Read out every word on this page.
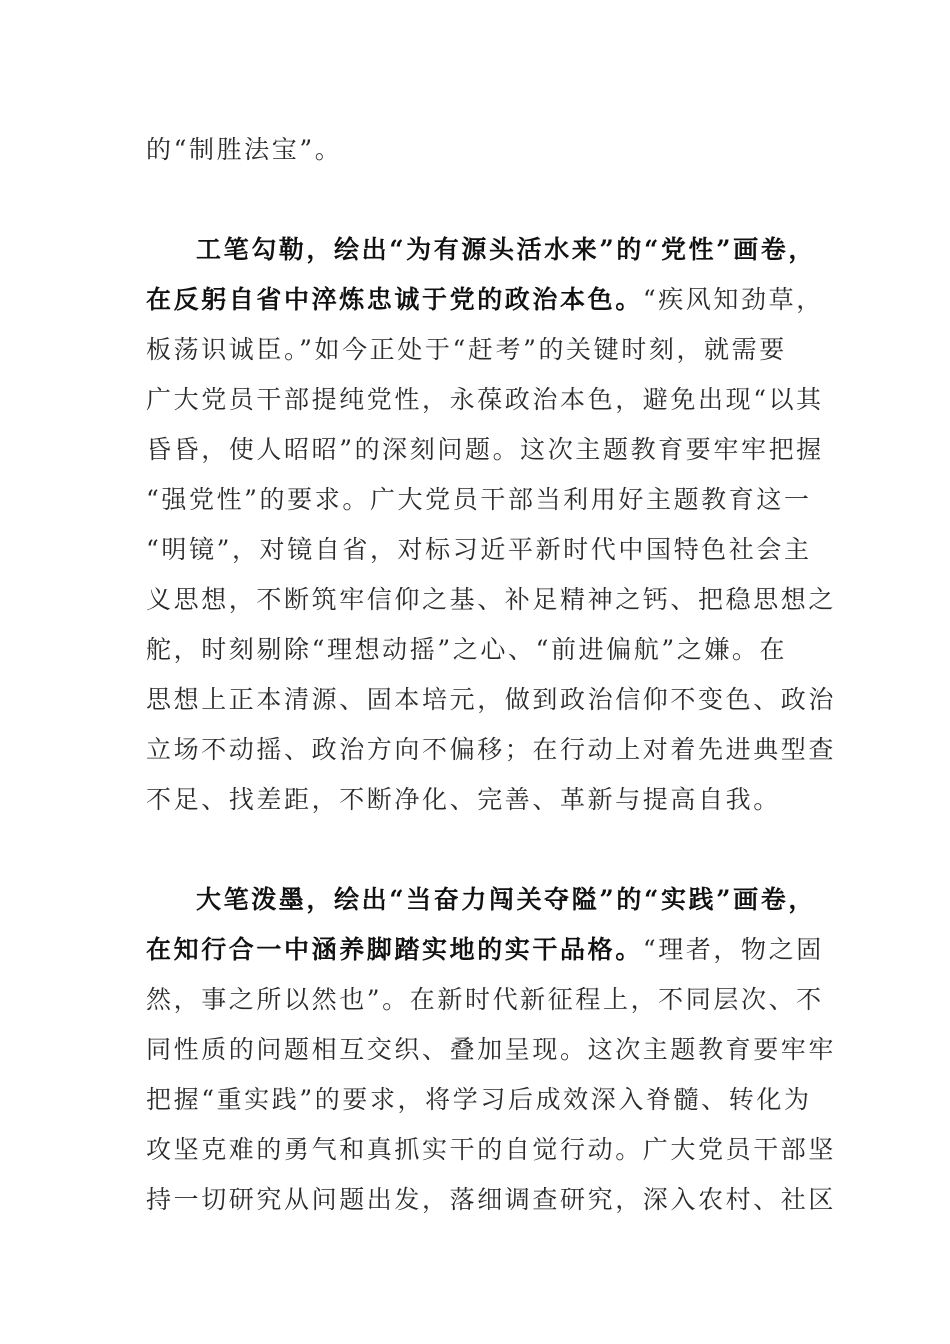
的“制胜法宝”。
工笔勾勒，绘出“为有源头活水来”的“党性”画卷，
在反躬自省中淬炼忠诚于党的政治本色。“疾风知劲草，
板荡识诚臣。”如今正处于“赶考”的关键时刻，就需要
广大党员干部提纯党性，永葆政治本色，避免出现“以其
昏昏，使人昭昭”的深刻问题。这次主题教育要牢牢把握
“强党性”的要求。广大党员干部当利用好主题教育这一
“明镜”，对镜自省，对标习近平新时代中国特色社会主
义思想，不断筑牢信仰之基、补足精神之钙、把稳思想之
舵，时刻剔除“理想动摇”之心、“前进偏航”之嫌。在
思想上正本清源、固本培元，做到政治信仰不变色、政治
立场不动摇、政治方向不偏移；在行动上对着先进典型查
不足、找差距，不断净化、完善、革新与提高自我。
大笔泼墨，绘出“当奋力闯关夺隘”的“实践”画卷，
在知行合一中涵养脚踏实地的实干品格。“理者，物之固
然，事之所以然也”。在新时代新征程上，不同层次、不
同性质的问题相互交织、叠加呈现。这次主题教育要牢牢
把握“重实践”的要求，将学习后成效深入脊髓、转化为
攻坚克难的勇气和真抓实干的自觉行动。广大党员干部坚
持一切研究从问题出发，落细调查研究，深入农村、社区
